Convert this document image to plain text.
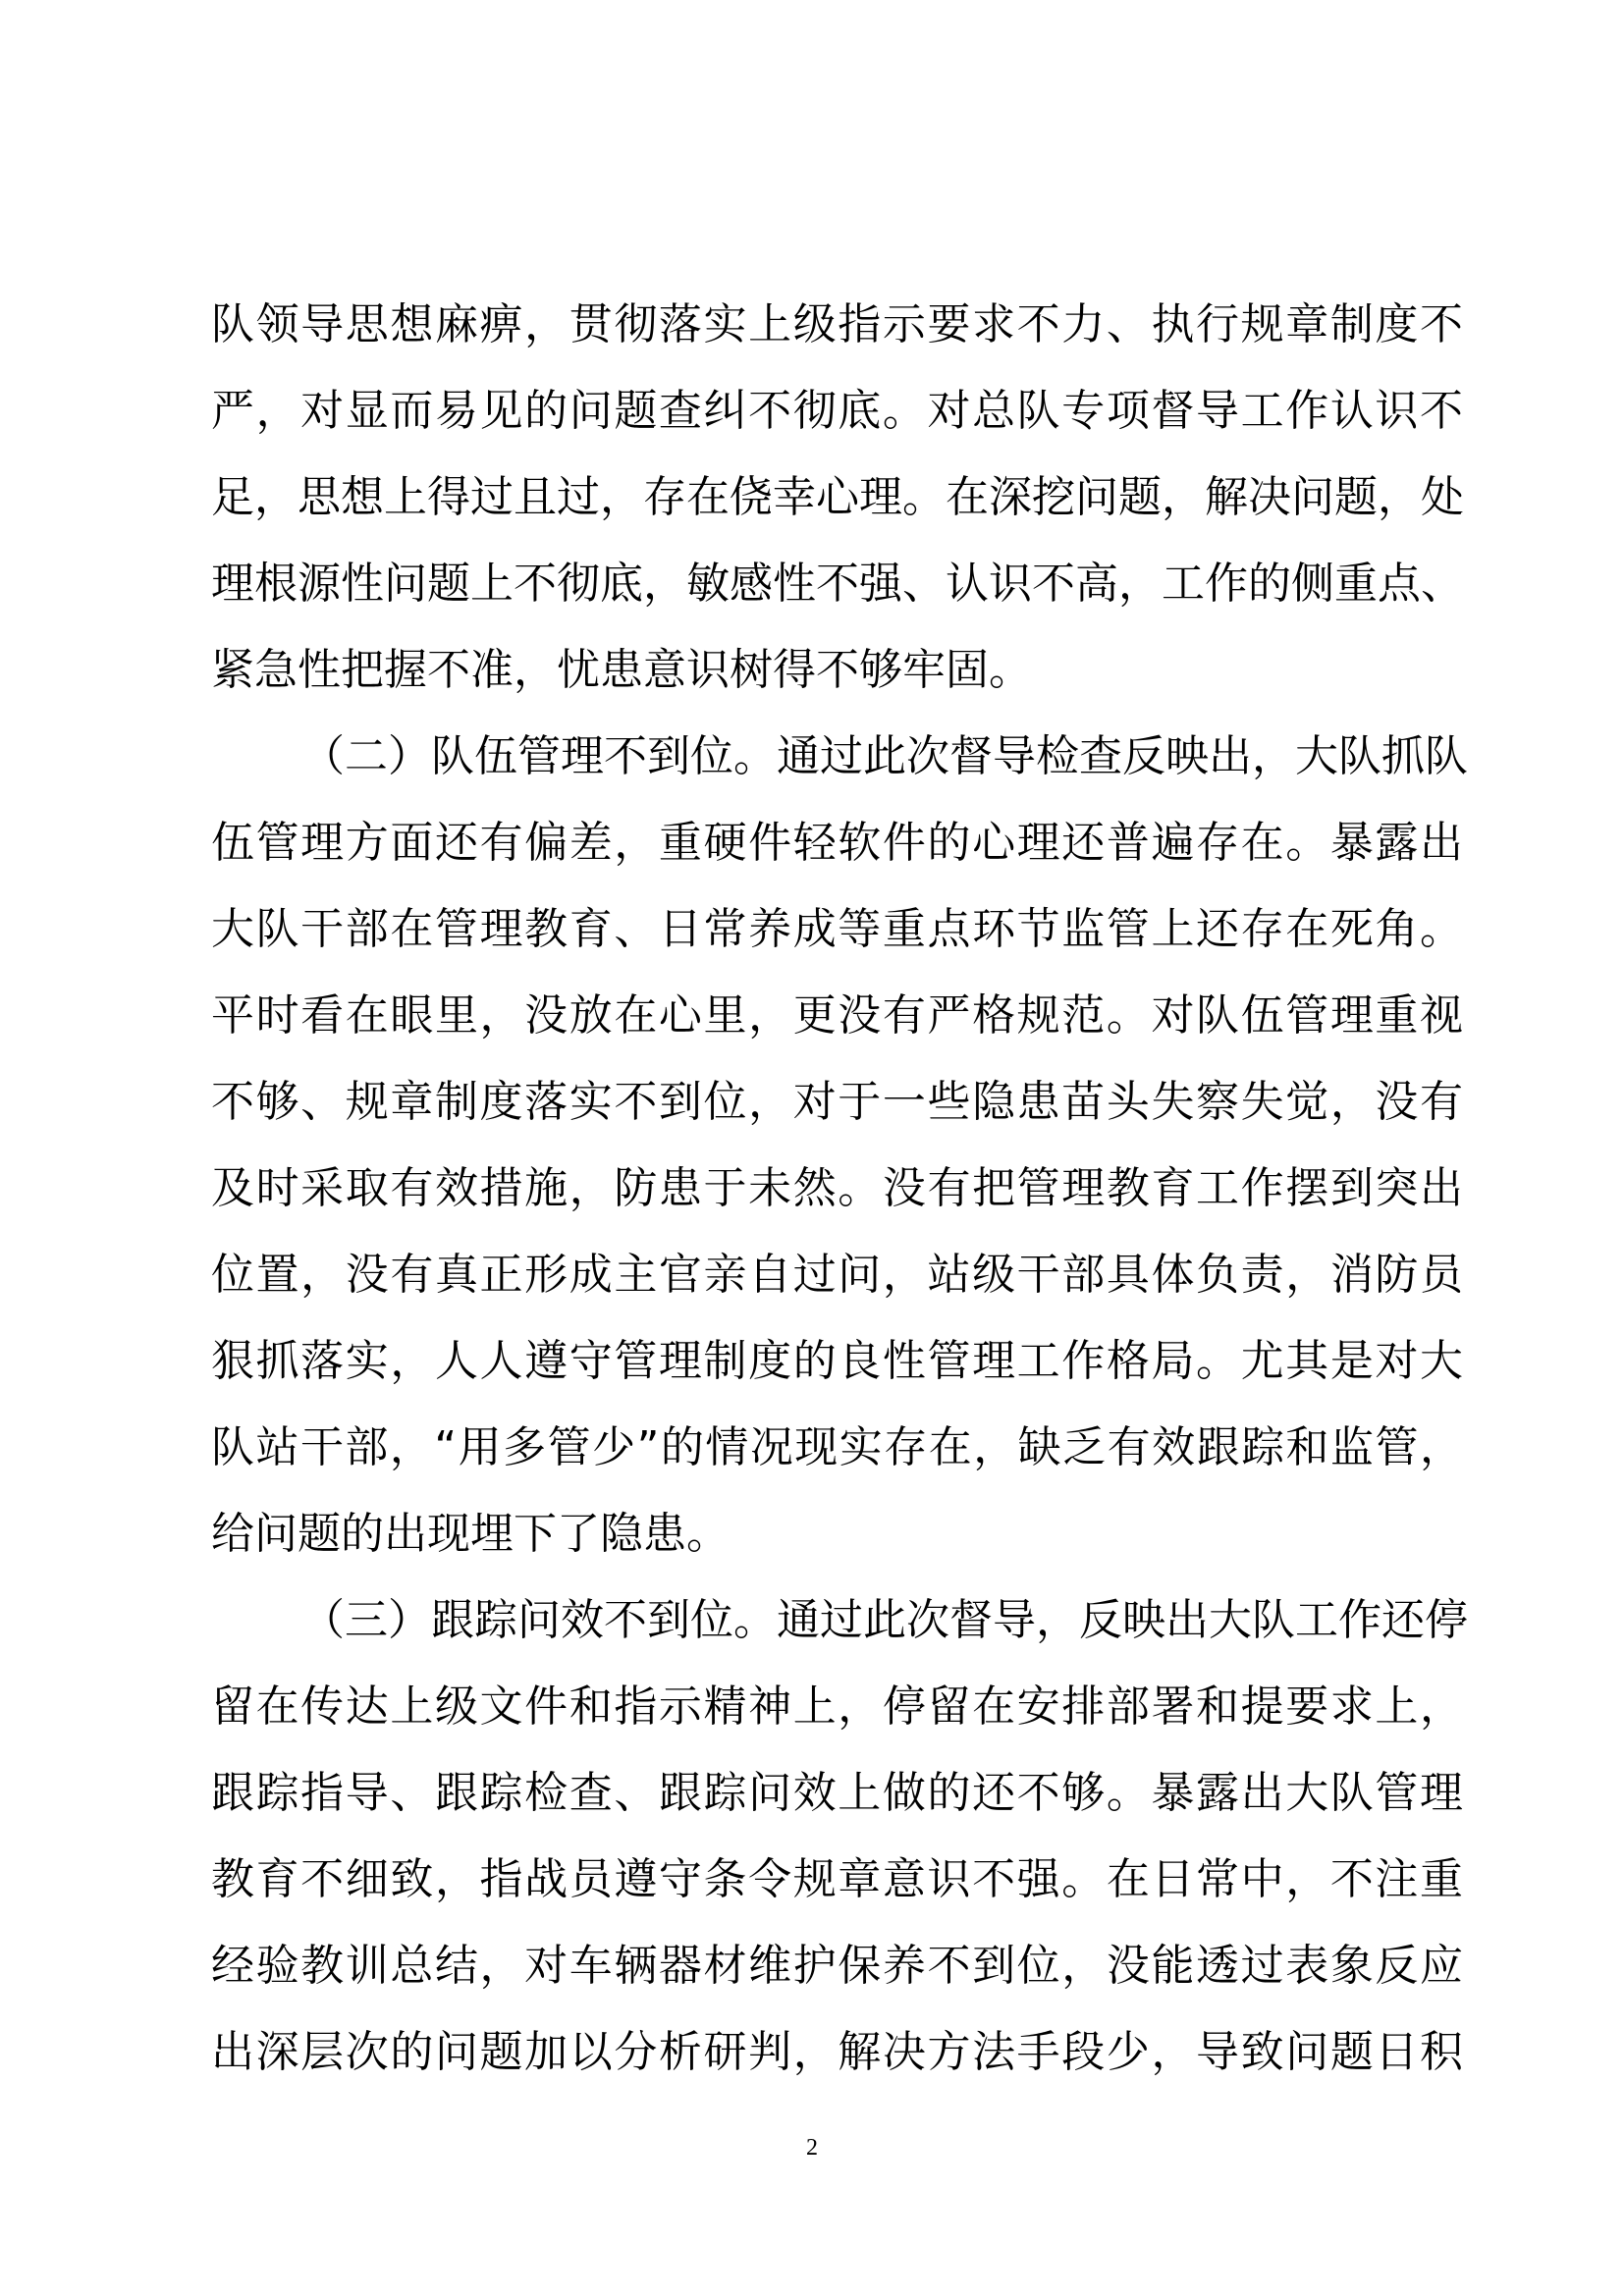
队领导思想麻痹，贯彻落实上级指示要求不力、执行规章制度不
严，对显而易见的问题查纠不彻底。对总队专项督导工作认识不
足，思想上得过且过，存在侥幸心理。在深挖问题，解决问题，处
理根源性问题上不彻底，敏感性不强、认识不高，工作的侧重点、
紧急性把握不准，忧患意识树得不够牢固。
（二）队伍管理不到位。通过此次督导检查反映出，大队抓队
伍管理方面还有偏差，重硬件轻软件的心理还普遍存在。暴露出
大队干部在管理教育、日常养成等重点环节监管上还存在死角。
平时看在眼里，没放在心里，更没有严格规范。对队伍管理重视
不够、规章制度落实不到位，对于一些隐患苗头失察失觉，没有
及时采取有效措施，防患于未然。没有把管理教育工作摆到突出
位置，没有真正形成主官亲自过问，站级干部具体负责，消防员
狠抓落实，人人遵守管理制度的良性管理工作格局。尤其是对大
队站干部，“用多管少”的情况现实存在，缺乏有效跟踪和监管，
给问题的出现埋下了隐患。
（三）跟踪问效不到位。通过此次督导，反映出大队工作还停
留在传达上级文件和指示精神上，停留在安排部署和提要求上，
跟踪指导、跟踪检查、跟踪问效上做的还不够。暴露出大队管理
教育不细致，指战员遵守条令规章意识不强。在日常中，不注重
经验教训总结，对车辆器材维护保养不到位，没能透过表象反应
出深层次的问题加以分析研判，解决方法手段少，导致问题日积
2
